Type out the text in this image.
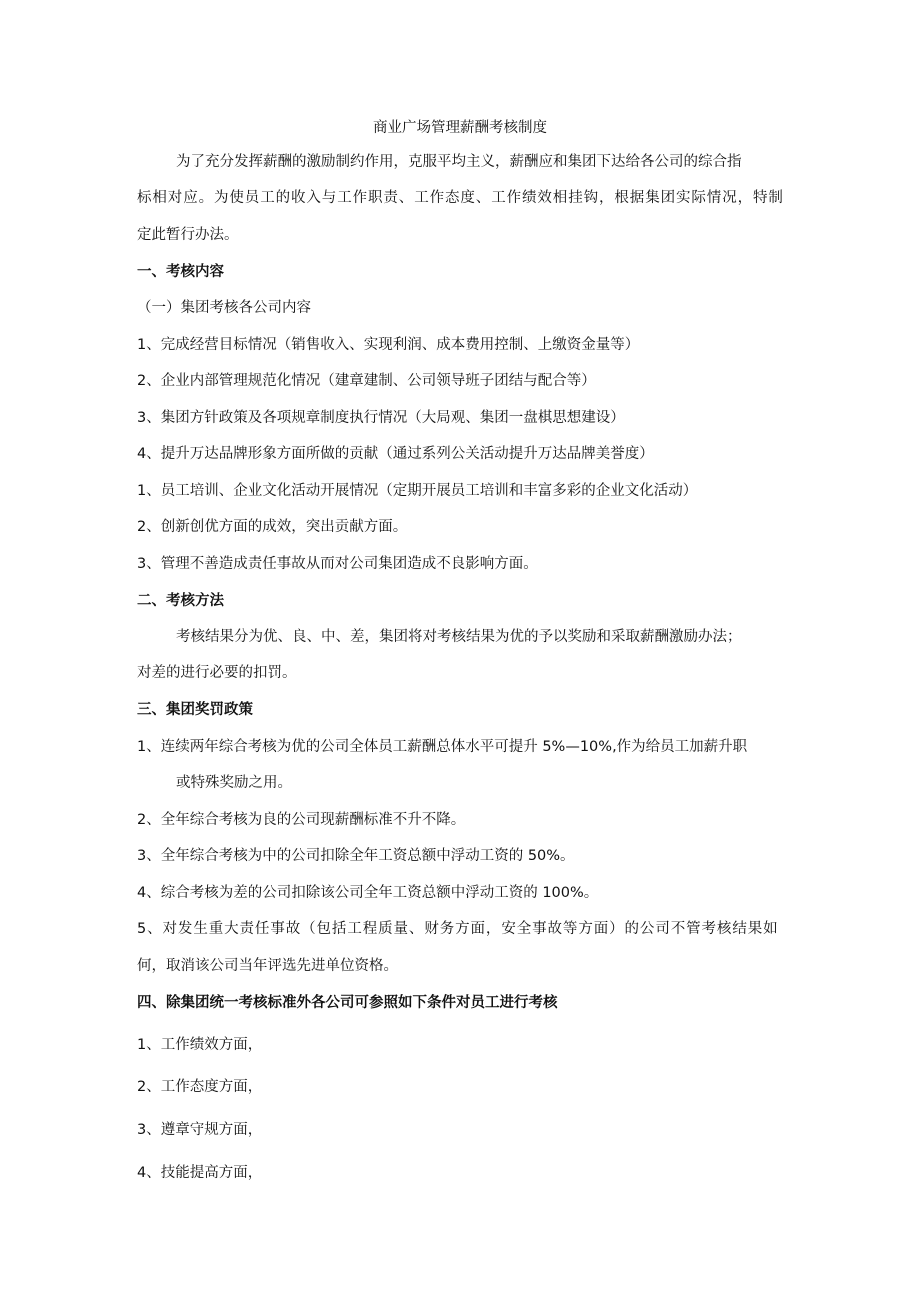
商业广场管理薪酬考核制度
为了充分发挥薪酬的激励制约作用，克服平均主义，薪酬应和集团下达给各公司的综合指
标相对应。为使员工的收入与工作职责、工作态度、工作绩效相挂钩，根据集团实际情况，特制
定此暂行办法。
一、考核内容
（一）集团考核各公司内容
1、完成经营目标情况（销售收入、实现利润、成本费用控制、上缴资金量等）
2、企业内部管理规范化情况（建章建制、公司领导班子团结与配合等）
3、集团方针政策及各项规章制度执行情况（大局观、集团一盘棋思想建设）
4、提升万达品牌形象方面所做的贡献（通过系列公关活动提升万达品牌美誉度）
1、员工培训、企业文化活动开展情况（定期开展员工培训和丰富多彩的企业文化活动）
2、创新创优方面的成效，突出贡献方面。
3、管理不善造成责任事故从而对公司集团造成不良影响方面。
二、考核方法
考核结果分为优、良、中、差，集团将对考核结果为优的予以奖励和采取薪酬激励办法；
对差的进行必要的扣罚。
三、集团奖罚政策
1、连续两年综合考核为优的公司全体员工薪酬总体水平可提升 5%—10%,作为给员工加薪升职
或特殊奖励之用。
2、全年综合考核为良的公司现薪酬标准不升不降。
3、全年综合考核为中的公司扣除全年工资总额中浮动工资的 50%。
4、综合考核为差的公司扣除该公司全年工资总额中浮动工资的 100%。
5、对发生重大责任事故（包括工程质量、财务方面，安全事故等方面）的公司不管考核结果如
何，取消该公司当年评选先进单位资格。
四、除集团统一考核标准外各公司可参照如下条件对员工进行考核
1、工作绩效方面，
2、工作态度方面，
3、遵章守规方面，
4、技能提高方面，
